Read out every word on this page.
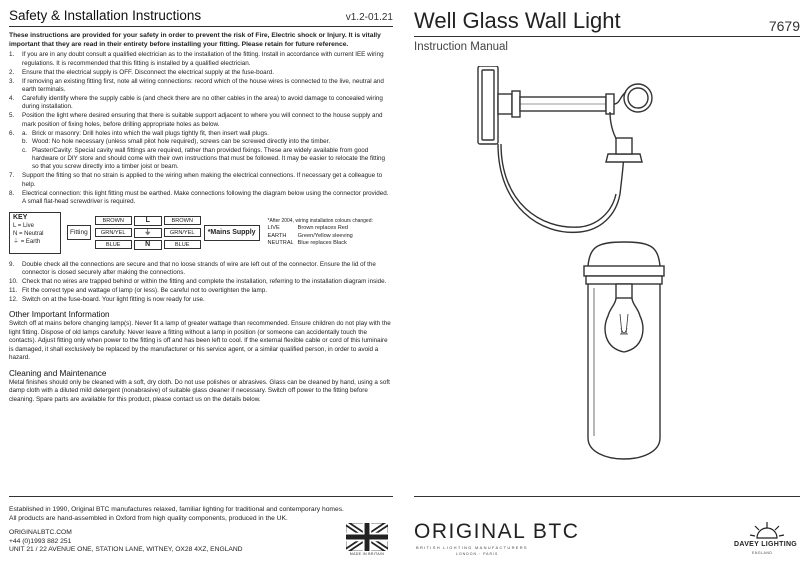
Safety & Installation Instructions	v1.2-01.21
These instructions are provided for your safety in order to prevent the risk of Fire, Electric shock or Injury. It is vitally important that they are read in their entirety before installing your fitting. Please retain for future reference.
1.	If you are in any doubt consult a qualified electrician as to the installation of the fitting. Install in accordance with current IEE wiring regulations. It is recommended that this fitting is installed by a qualified electrician.
2.	Ensure that the electrical supply is OFF. Disconnect the electrical supply at the fuse-board.
3.	If removing an existing fitting first, note all wiring connections: record which of the house wires is connected to the live, neutral and earth terminals.
4.	Carefully identify where the supply cable is (and check there are no other cables in the area) to avoid damage to concealed wiring during installation.
5.	Position the light where desired ensuring that there is suitable support adjacent to where you will connect to the house supply and mark position of fixing holes, before drilling appropriate holes as below.
6.	a. Brick or masonry: Drill holes into which the wall plugs tightly fit, then insert wall plugs.
b. Wood: No hole necessary (unless small pilot hole required), screws can be screwed directly into the timber.
c. Plaster/Cavity: Special cavity wall fittings are required, rather than provided fixings. These are widely available from good hardware or DIY store and should come with their own instructions that must be followed. It may be easier to relocate the fitting so that you screw directly into a timber joist or beam.
7.	Support the fitting so that no strain is applied to the wiring when making the electrical connections. If necessary get a colleague to help.
8.	Electrical connection: this light fitting must be earthed. Make connections following the diagram below using the connector provided. A small flat-head screwdriver is required.
KEY
L = Live
N = Neutral
⏚ = Earth
Fitting
BROWN	L	BROWN
GRN/YEL	⏚	GRN/YEL
BLUE	N	BLUE
*Mains Supply
*After 2004, wiring installation colours changed:
LIVE	Brown replaces Red
EARTH	Green/Yellow sleeving
NEUTRAL	Blue replaces Black
9.	Double check all the connections are secure and that no loose strands of wire are left out of the connector. Ensure the lid of the connector is closed securely after making the connections.
10. Check that no wires are trapped behind or within the fitting and complete the installation, referring to the installation diagram inside.
11. Fit the correct type and wattage of lamp (or less). Be careful not to overtighten the lamp.
12. Switch on at the fuse-board. Your light fitting is now ready for use.
Other Important Information
Switch off at mains before changing lamp(s). Never fit a lamp of greater wattage than recommended. Ensure children do not play with the light fitting. Dispose of old lamps carefully. Never leave a fitting without a lamp in position (or someone can accidentally touch the contacts). Adjust fitting only when power to the fitting is off and has been left to cool. If the external flexible cable or cord of this luminaire is damaged, it shall exclusively be replaced by the manufacturer or his service agent, or a similar qualified person, in order to avoid a hazard.
Cleaning and Maintenance
Metal finishes should only be cleaned with a soft, dry cloth. Do not use polishes or abrasives. Glass can be cleaned by hand, using a soft damp cloth with a diluted mild detergent (nonabrasive) of suitable glass cleaner if necessary. Switch off power to the fitting before cleaning. Spare parts are available for this product, please contact us on the details below.
Established in 1990, Original BTC manufactures relaxed, familiar lighting for traditional and contemporary homes.
All products are hand-assembled in Oxford from high quality components, produced in the UK.
ORIGINALBTC.COM
+44 (0)1993 882 251
UNIT 21 / 22 AVENUE ONE, STATION LANE, WITNEY, OX28 4XZ, ENGLAND
MADE IN BRITAIN
Well Glass Wall Light	7679
Instruction Manual
ORIGINAL BTC
BRITISH LIGHTING MANUFACTURERS
LONDON · PARIS
DAVEY LIGHTING
ENGLAND
